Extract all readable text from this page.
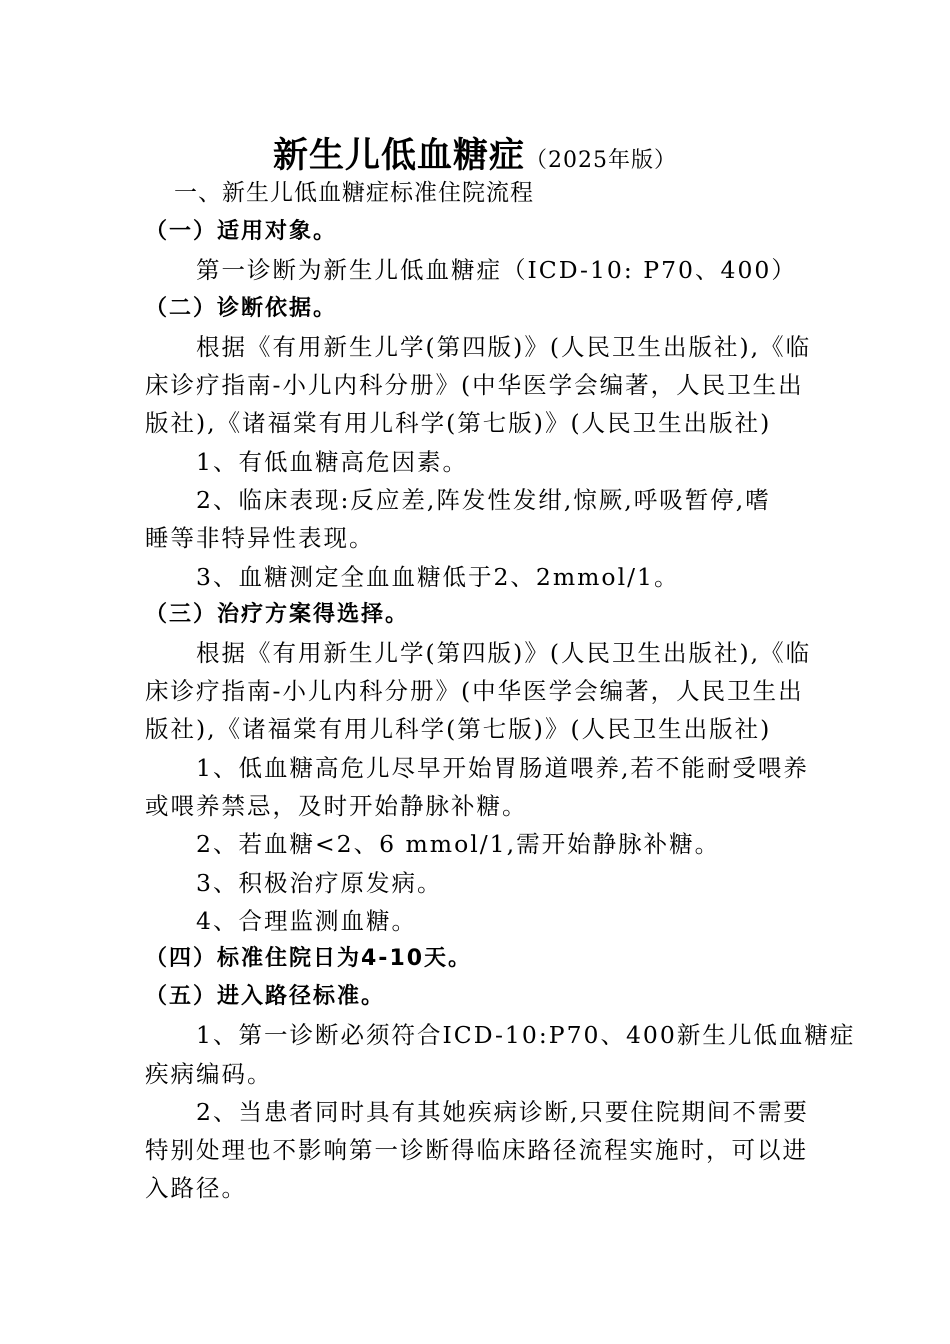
新生儿低血糖症（2025年版）
一、新生儿低血糖症标准住院流程
（一）适用对象。
第一诊断为新生儿低血糖症（ICD-10: P70、400）
（二）诊断依据。
根据《有用新生儿学(第四版)》(人民卫生出版社),《临
床诊疗指南-小儿内科分册》(中华医学会编著，人民卫生出
版社),《诸福棠有用儿科学(第七版)》(人民卫生出版社)
1、有低血糖高危因素。
2、临床表现:反应差,阵发性发绀,惊厥,呼吸暂停,嗜
睡等非特异性表现。
3、血糖测定全血血糖低于2、2mmol/1。
（三）治疗方案得选择。
根据《有用新生儿学(第四版)》(人民卫生出版社),《临
床诊疗指南-小儿内科分册》(中华医学会编著，人民卫生出
版社),《诸福棠有用儿科学(第七版)》(人民卫生出版社)
1、低血糖高危儿尽早开始胃肠道喂养,若不能耐受喂养
或喂养禁忌，及时开始静脉补糖。
2、若血糖<2、6 mmol/1,需开始静脉补糖。
3、积极治疗原发病。
4、合理监测血糖。
（四）标准住院日为4-10天。
（五）进入路径标准。
1、第一诊断必须符合ICD-10:P70、400新生儿低血糖症
疾病编码。
2、当患者同时具有其她疾病诊断,只要住院期间不需要
特别处理也不影响第一诊断得临床路径流程实施时，可以进
入路径。
